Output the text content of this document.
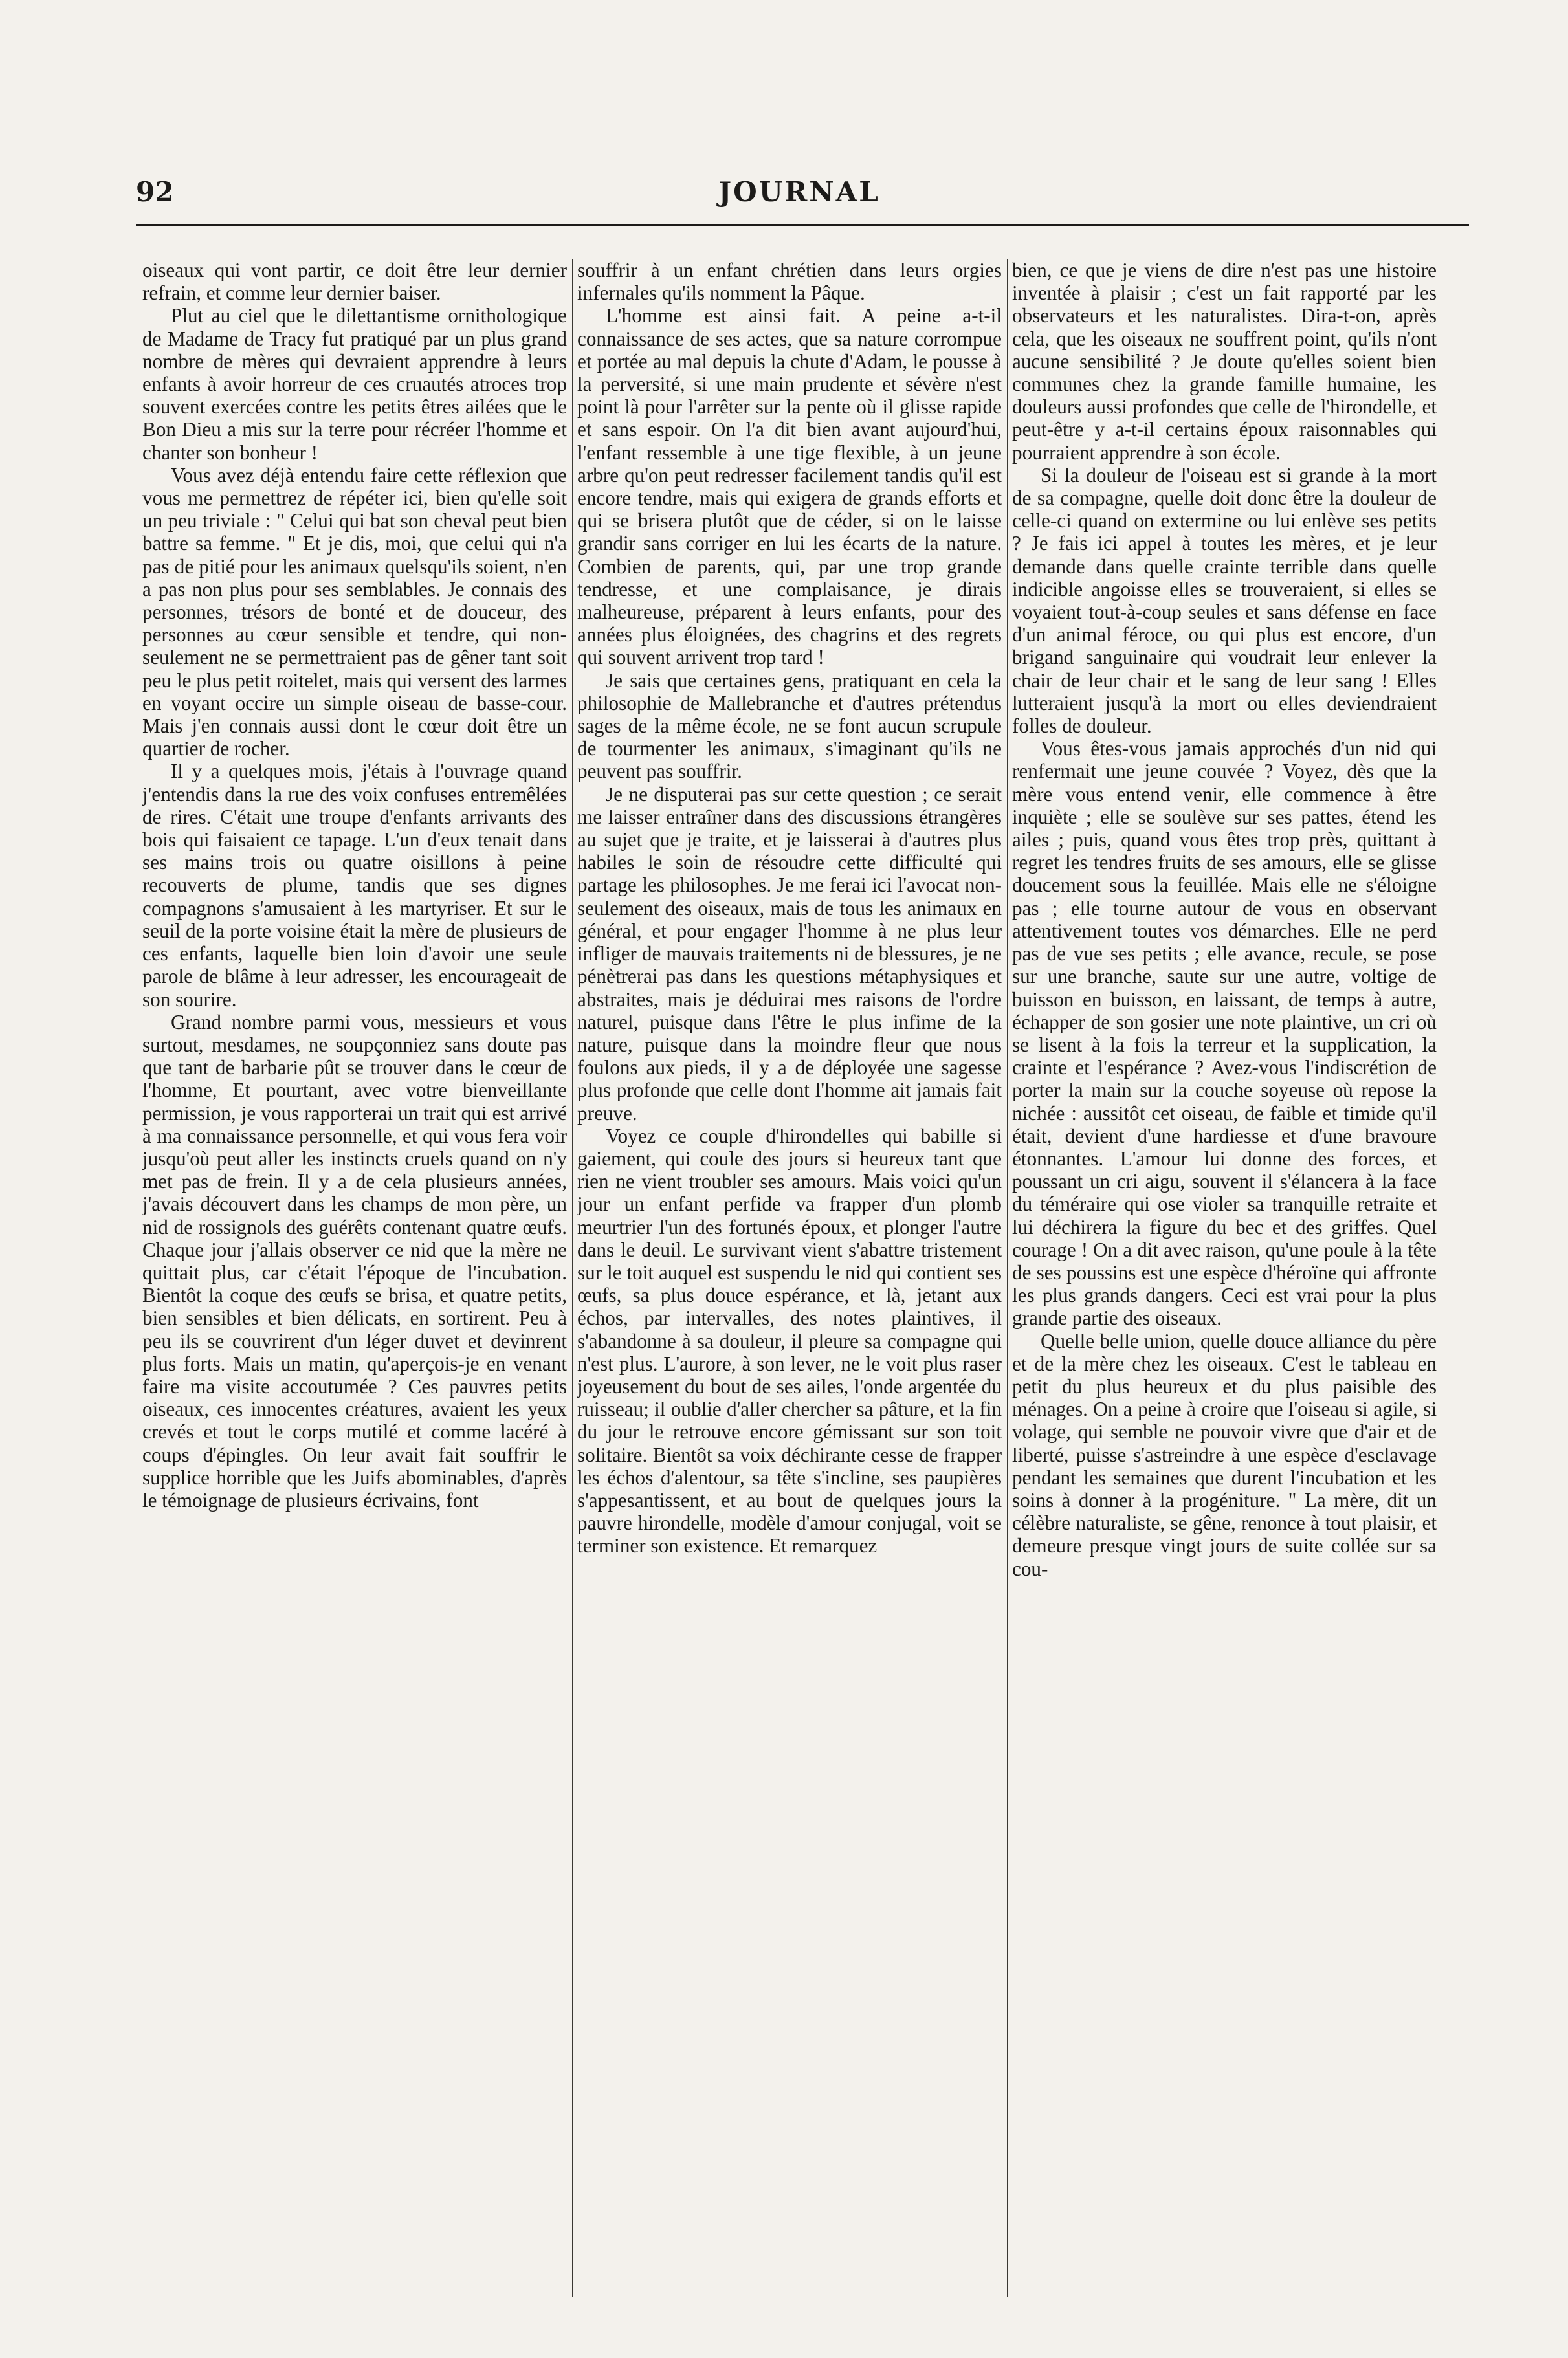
92	JOURNAL

oiseaux qui vont partir, ce doit être leur dernier refrain, et comme leur dernier baiser.

Plut au ciel que le dilettantisme ornithologique de Madame de Tracy fut pratiqué par un plus grand nombre de mères qui devraient apprendre à leurs enfants à avoir horreur de ces cruautés atroces trop souvent exercées contre les petits êtres ailées que le Bon Dieu a mis sur la terre pour récréer l'homme et chanter son bonheur !

Vous avez déjà entendu faire cette réflexion que vous me permettrez de répéter ici, bien qu'elle soit un peu triviale : " Celui qui bat son cheval peut bien battre sa femme. " Et je dis, moi, que celui qui n'a pas de pitié pour les animaux quelsqu'ils soient, n'en a pas non plus pour ses semblables. Je connais des personnes, trésors de bonté et de douceur, des personnes au cœur sensible et tendre, qui non-seulement ne se permettraient pas de gêner tant soit peu le plus petit roitelet, mais qui versent des larmes en voyant occire un simple oiseau de basse-cour. Mais j'en connais aussi dont le cœur doit être un quartier de rocher.

Il y a quelques mois, j'étais à l'ouvrage quand j'entendis dans la rue des voix confuses entremêlées de rires. C'était une troupe d'enfants arrivants des bois qui faisaient ce tapage. L'un d'eux tenait dans ses mains trois ou quatre oisillons à peine recouverts de plume, tandis que ses dignes compagnons s'amusaient à les martyriser. Et sur le seuil de la porte voisine était la mère de plusieurs de ces enfants, laquelle bien loin d'avoir une seule parole de blâme à leur adresser, les encourageait de son sourire.

Grand nombre parmi vous, messieurs et vous surtout, mesdames, ne soupçonniez sans doute pas que tant de barbarie pût se trouver dans le cœur de l'homme, Et pourtant, avec votre bienveillante permission, je vous rapporterai un trait qui est arrivé à ma connaissance personnelle, et qui vous fera voir jusqu'où peut aller les instincts cruels quand on n'y met pas de frein. Il y a de cela plusieurs années, j'avais découvert dans les champs de mon père, un nid de rossignols des guérêts contenant quatre œufs. Chaque jour j'allais observer ce nid que la mère ne quittait plus, car c'était l'époque de l'incubation. Bientôt la coque des œufs se brisa, et quatre petits, bien sensibles et bien délicats, en sortirent. Peu à peu ils se couvrirent d'un léger duvet et devinrent plus forts. Mais un matin, qu'aperçois-je en venant faire ma visite accoutumée ? Ces pauvres petits oiseaux, ces innocentes créatures, avaient les yeux crevés et tout le corps mutilé et comme lacéré à coups d'épingles. On leur avait fait souffrir le supplice horrible que les Juifs abominables, d'après le témoignage de plusieurs écrivains, font

souffrir à un enfant chrétien dans leurs orgies infernales qu'ils nomment la Pâque.

L'homme est ainsi fait. A peine a-t-il connaissance de ses actes, que sa nature corrompue et portée au mal depuis la chute d'Adam, le pousse à la perversité, si une main prudente et sévère n'est point là pour l'arrêter sur la pente où il glisse rapide et sans espoir. On l'a dit bien avant aujourd'hui, l'enfant ressemble à une tige flexible, à un jeune arbre qu'on peut redresser facilement tandis qu'il est encore tendre, mais qui exigera de grands efforts et qui se brisera plutôt que de céder, si on le laisse grandir sans corriger en lui les écarts de la nature. Combien de parents, qui, par une trop grande tendresse, et une complaisance, je dirais malheureuse, préparent à leurs enfants, pour des années plus éloignées, des chagrins et des regrets qui souvent arrivent trop tard !

Je sais que certaines gens, pratiquant en cela la philosophie de Mallebranche et d'autres prétendus sages de la même école, ne se font aucun scrupule de tourmenter les animaux, s'imaginant qu'ils ne peuvent pas souffrir.

Je ne disputerai pas sur cette question ; ce serait me laisser entraîner dans des discussions étrangères au sujet que je traite, et je laisserai à d'autres plus habiles le soin de résoudre cette difficulté qui partage les philosophes. Je me ferai ici l'avocat non-seulement des oiseaux, mais de tous les animaux en général, et pour engager l'homme à ne plus leur infliger de mauvais traitements ni de blessures, je ne pénètrerai pas dans les questions métaphysiques et abstraites, mais je déduirai mes raisons de l'ordre naturel, puisque dans l'être le plus infime de la nature, puisque dans la moindre fleur que nous foulons aux pieds, il y a de déployée une sagesse plus profonde que celle dont l'homme ait jamais fait preuve.

Voyez ce couple d'hirondelles qui babille si gaiement, qui coule des jours si heureux tant que rien ne vient troubler ses amours. Mais voici qu'un jour un enfant perfide va frapper d'un plomb meurtrier l'un des fortunés époux, et plonger l'autre dans le deuil. Le survivant vient s'abattre tristement sur le toit auquel est suspendu le nid qui contient ses œufs, sa plus douce espérance, et là, jetant aux échos, par intervalles, des notes plaintives, il s'abandonne à sa douleur, il pleure sa compagne qui n'est plus. L'aurore, à son lever, ne le voit plus raser joyeusement du bout de ses ailes, l'onde argentée du ruisseau; il oublie d'aller chercher sa pâture, et la fin du jour le retrouve encore gémissant sur son toit solitaire. Bientôt sa voix déchirante cesse de frapper les échos d'alentour, sa tête s'incline, ses paupières s'appesantissent, et au bout de quelques jours la pauvre hirondelle, modèle d'amour conjugal, voit se terminer son existence. Et remarquez

bien, ce que je viens de dire n'est pas une histoire inventée à plaisir ; c'est un fait rapporté par les observateurs et les naturalistes. Dira-t-on, après cela, que les oiseaux ne souffrent point, qu'ils n'ont aucune sensibilité ? Je doute qu'elles soient bien communes chez la grande famille humaine, les douleurs aussi profondes que celle de l'hirondelle, et peut-être y a-t-il certains époux raisonnables qui pourraient apprendre à son école.

Si la douleur de l'oiseau est si grande à la mort de sa compagne, quelle doit donc être la douleur de celle-ci quand on extermine ou lui enlève ses petits ? Je fais ici appel à toutes les mères, et je leur demande dans quelle crainte terrible dans quelle indicible angoisse elles se trouveraient, si elles se voyaient tout-à-coup seules et sans défense en face d'un animal féroce, ou qui plus est encore, d'un brigand sanguinaire qui voudrait leur enlever la chair de leur chair et le sang de leur sang ! Elles lutteraient jusqu'à la mort ou elles deviendraient folles de douleur.

Vous êtes-vous jamais approchés d'un nid qui renfermait une jeune couvée ? Voyez, dès que la mère vous entend venir, elle commence à être inquiète ; elle se soulève sur ses pattes, étend les ailes ; puis, quand vous êtes trop près, quittant à regret les tendres fruits de ses amours, elle se glisse doucement sous la feuillée. Mais elle ne s'éloigne pas ; elle tourne autour de vous en observant attentivement toutes vos démarches. Elle ne perd pas de vue ses petits ; elle avance, recule, se pose sur une branche, saute sur une autre, voltige de buisson en buisson, en laissant, de temps à autre, échapper de son gosier une note plaintive, un cri où se lisent à la fois la terreur et la supplication, la crainte et l'espérance ? Avez-vous l'indiscrétion de porter la main sur la couche soyeuse où repose la nichée : aussitôt cet oiseau, de faible et timide qu'il était, devient d'une hardiesse et d'une bravoure étonnantes. L'amour lui donne des forces, et poussant un cri aigu, souvent il s'élancera à la face du téméraire qui ose violer sa tranquille retraite et lui déchirera la figure du bec et des griffes. Quel courage ! On a dit avec raison, qu'une poule à la tête de ses poussins est une espèce d'héroïne qui affronte les plus grands dangers. Ceci est vrai pour la plus grande partie des oiseaux.

Quelle belle union, quelle douce alliance du père et de la mère chez les oiseaux. C'est le tableau en petit du plus heureux et du plus paisible des ménages. On a peine à croire que l'oiseau si agile, si volage, qui semble ne pouvoir vivre que d'air et de liberté, puisse s'astreindre à une espèce d'esclavage pendant les semaines que durent l'incubation et les soins à donner à la progéniture. " La mère, dit un célèbre naturaliste, se gêne, renonce à tout plaisir, et demeure presque vingt jours de suite collée sur sa cou-
